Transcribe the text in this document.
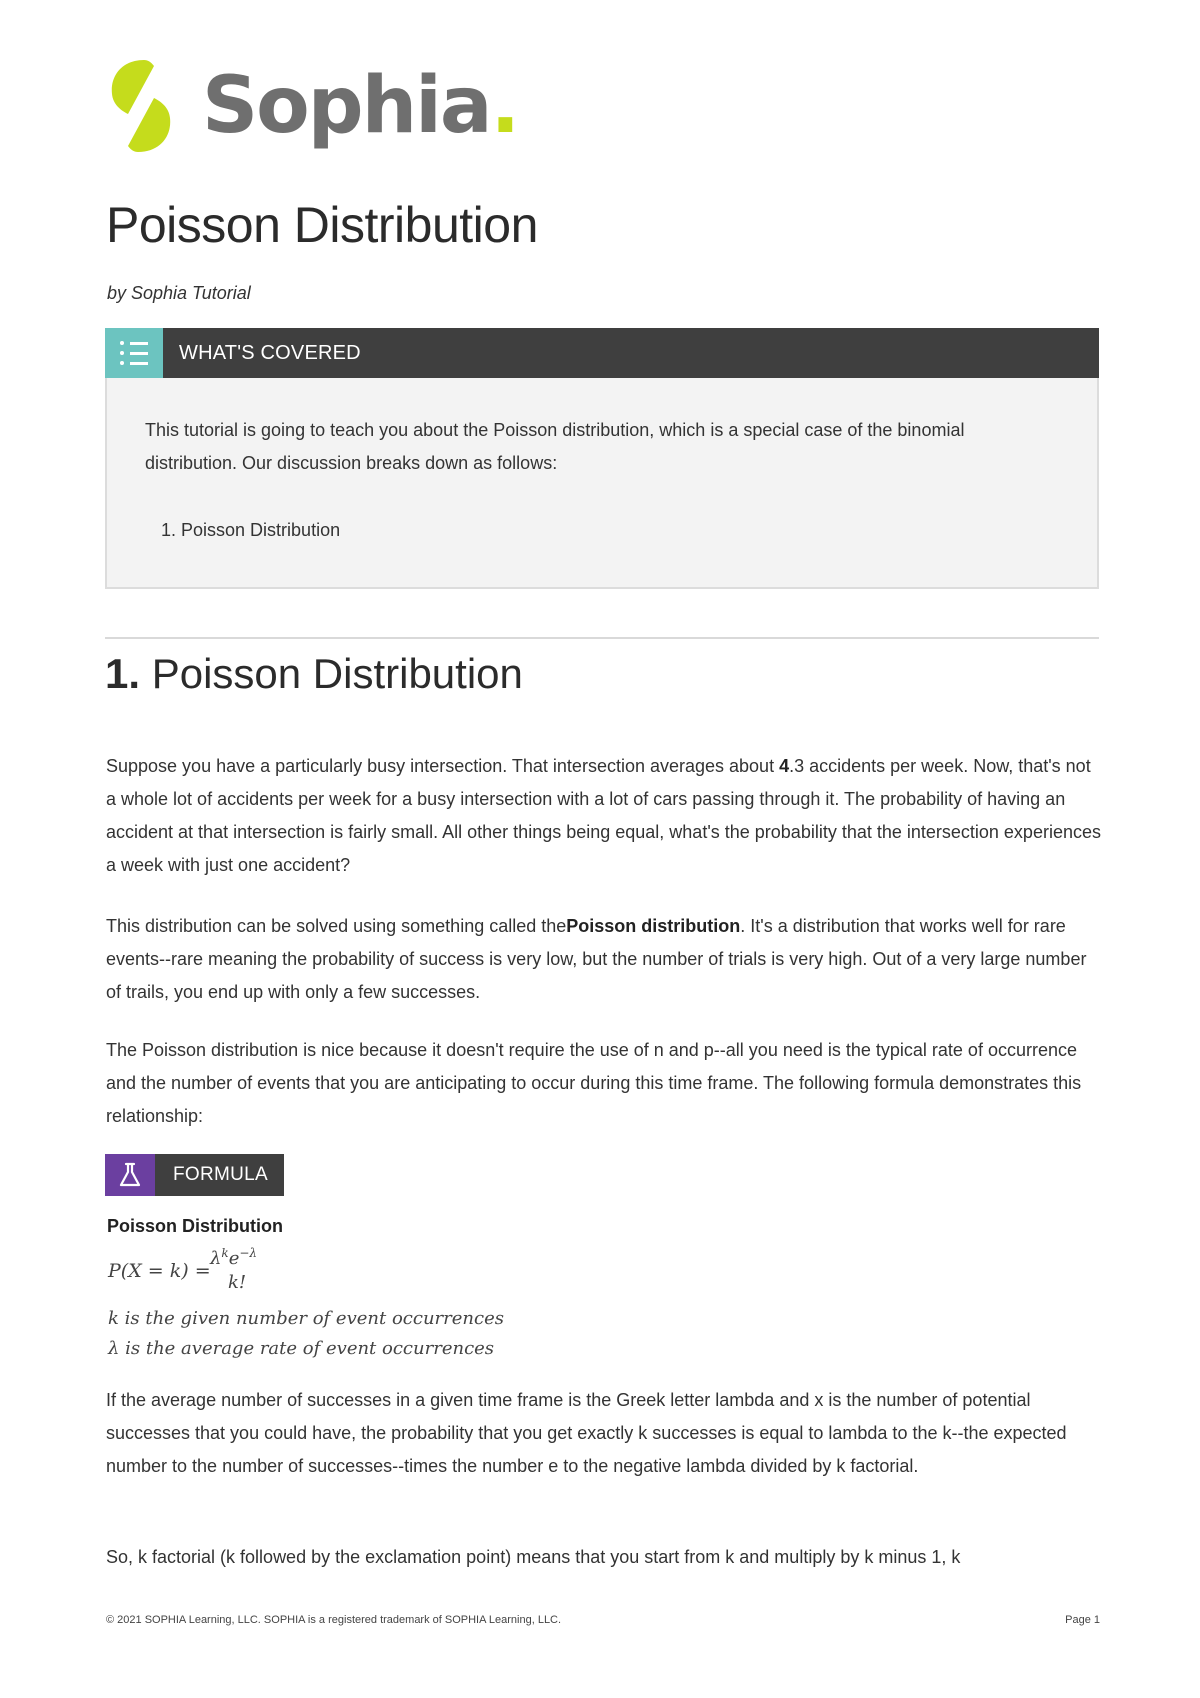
Sophia.
Poisson Distribution
by Sophia Tutorial
WHAT'S COVERED
This tutorial is going to teach you about the Poisson distribution, which is a special case of the binomial distribution. Our discussion breaks down as follows:
1. Poisson Distribution
1. Poisson Distribution
Suppose you have a particularly busy intersection. That intersection averages about 4.3 accidents per week. Now, that's not a whole lot of accidents per week for a busy intersection with a lot of cars passing through it. The probability of having an accident at that intersection is fairly small. All other things being equal, what's the probability that the intersection experiences a week with just one accident?
This distribution can be solved using something called thePoisson distribution. It's a distribution that works well for rare events--rare meaning the probability of success is very low, but the number of trials is very high. Out of a very large number of trails, you end up with only a few successes.
The Poisson distribution is nice because it doesn't require the use of n and p--all you need is the typical rate of occurrence and the number of events that you are anticipating to occur during this time frame. The following formula demonstrates this relationship:
FORMULA
Poisson Distribution
P(X = k) =
$\lambda^ke^{-\lambda}$
k!
k is the given number of event occurrences
λ is the average rate of event occurrences
If the average number of successes in a given time frame is the Greek letter lambda and x is the number of potential successes that you could have, the probability that you get exactly k successes is equal to lambda to the k--the expected number to the number of successes--times the number e to the negative lambda divided by k factorial.
So, k factorial (k followed by the exclamation point) means that you start from k and multiply by k minus 1, k
© 2021 SOPHIA Learning, LLC. SOPHIA is a registered trademark of SOPHIA Learning, LLC.	Page 1
